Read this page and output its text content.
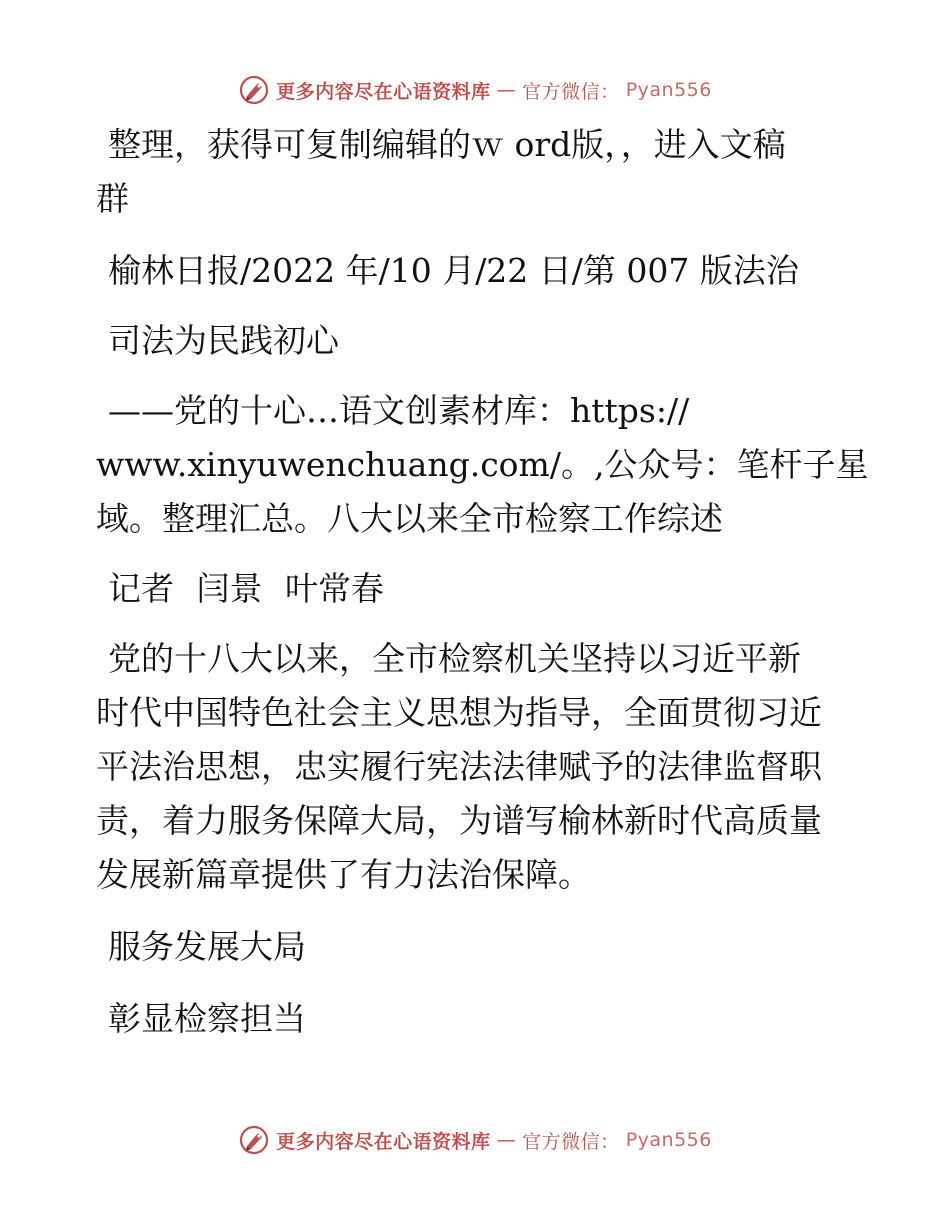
更多内容尽在心语资料库 — 官方微信： Pyan556

整理，获得可复制编辑的ｗ ord版，，进入文稿

群

榆林日报/2022 年/10 月/22 日/第 007 版法治

司法为民践初心

——党的十心…语文创素材库：https://

www.xinyuwenchuang.com/。,公众号：笔杆子星

域。整理汇总。八大以来全市检察工作综述

记者 闫景 叶常春

党的十八大以来，全市检察机关坚持以习近平新

时代中国特色社会主义思想为指导，全面贯彻习近

平法治思想，忠实履行宪法法律赋予的法律监督职

责，着力服务保障大局，为谱写榆林新时代高质量

发展新篇章提供了有力法治保障。

服务发展大局

彰显检察担当

更多内容尽在心语资料库 — 官方微信： Pyan556
